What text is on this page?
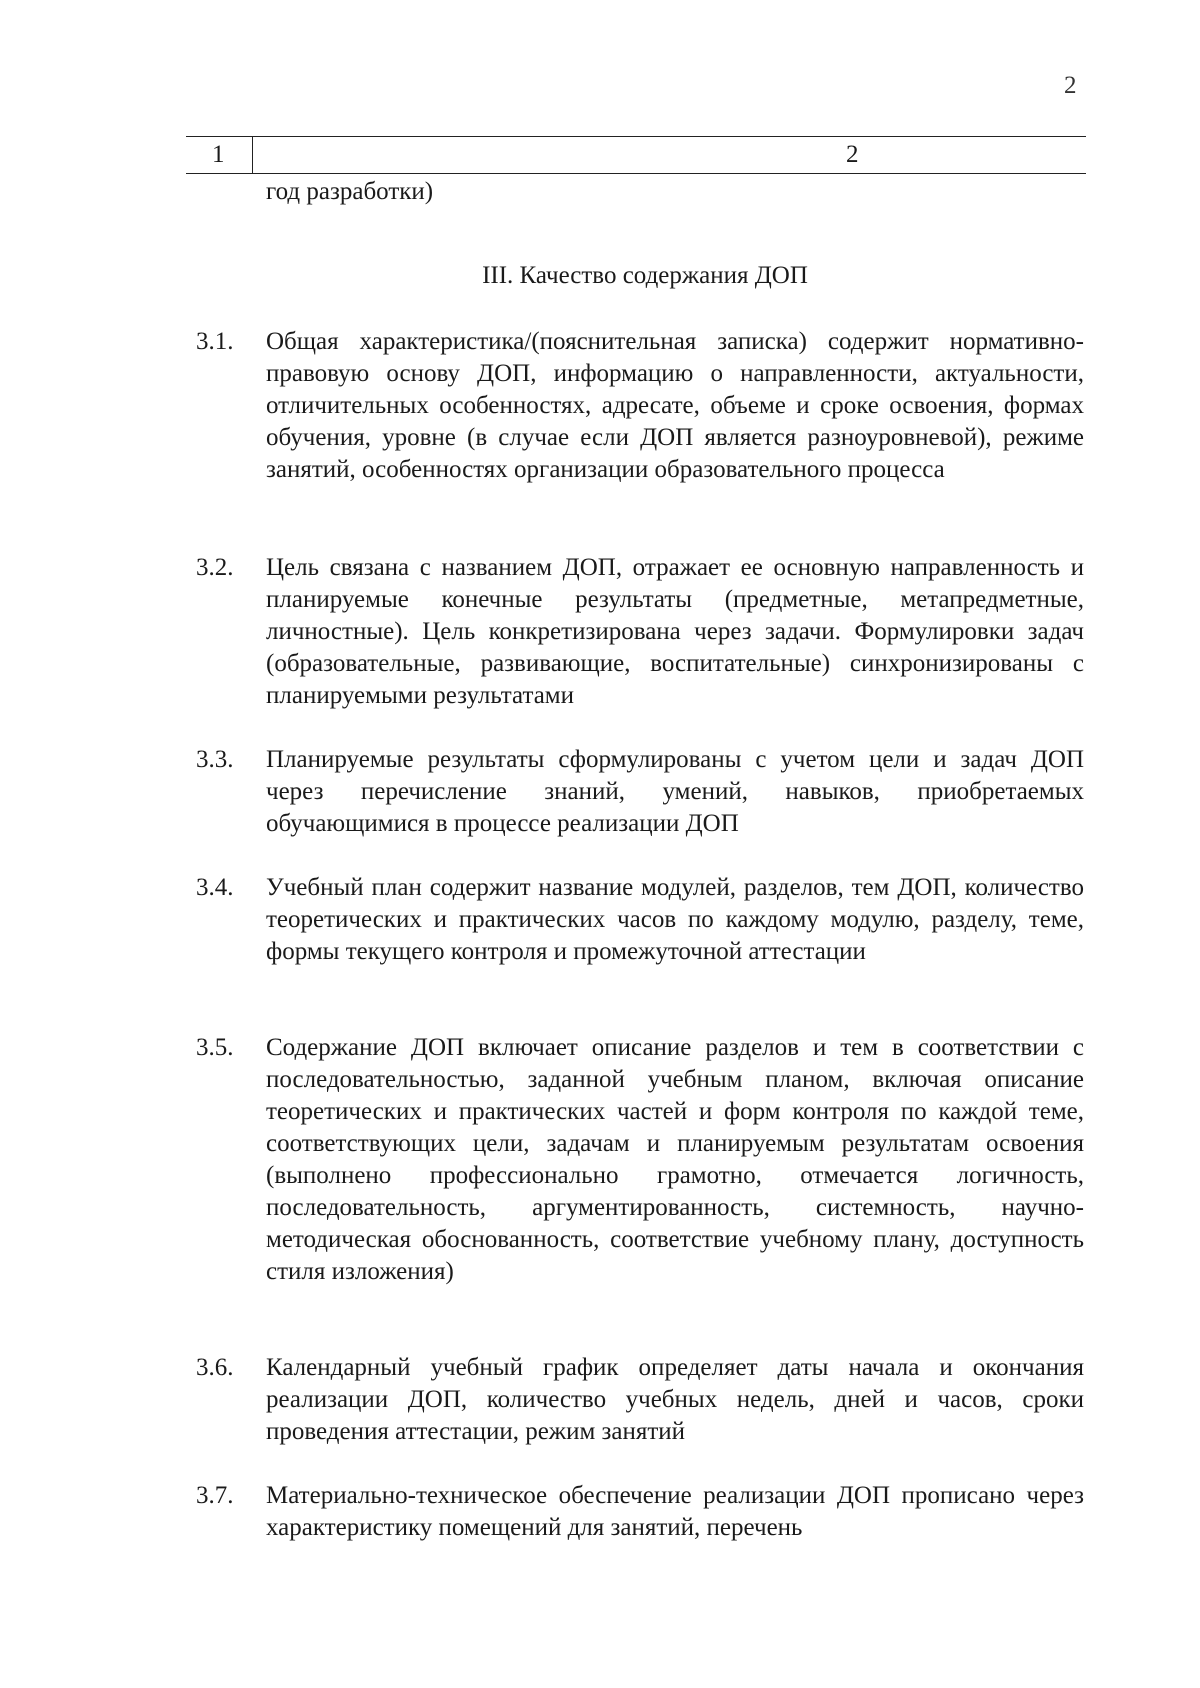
2
1	2
год разработки)
III. Качество содержания ДОП
3.1. Общая характеристика/(пояснительная записка) содержит нормативно-правовую основу ДОП, информацию о направленности, актуальности, отличительных особенностях, адресате, объеме и сроке освоения, формах обучения, уровне (в случае если ДОП является разноуровневой), режиме занятий, особенностях организации образовательного процесса
3.2. Цель связана с названием ДОП, отражает ее основную направленность и планируемые конечные результаты (предметные, метапредметные, личностные). Цель конкретизирована через задачи. Формулировки задач (образовательные, развивающие, воспитательные) синхронизированы с планируемыми результатами
3.3. Планируемые результаты сформулированы с учетом цели и задач ДОП через перечисление знаний, умений, навыков, приобретаемых обучающимися в процессе реализации ДОП
3.4. Учебный план содержит название модулей, разделов, тем ДОП, количество теоретических и практических часов по каждому модулю, разделу, теме, формы текущего контроля и промежуточной аттестации
3.5. Содержание ДОП включает описание разделов и тем в соответствии с последовательностью, заданной учебным планом, включая описание теоретических и практических частей и форм контроля по каждой теме, соответствующих цели, задачам и планируемым результатам освоения (выполнено профессионально грамотно, отмечается логичность, последовательность, аргументированность, системность, научно-методическая обоснованность, соответствие учебному плану, доступность стиля изложения)
3.6. Календарный учебный график определяет даты начала и окончания реализации ДОП, количество учебных недель, дней и часов, сроки проведения аттестации, режим занятий
3.7. Материально-техническое обеспечение реализации ДОП прописано через характеристику помещений для занятий, перечень
